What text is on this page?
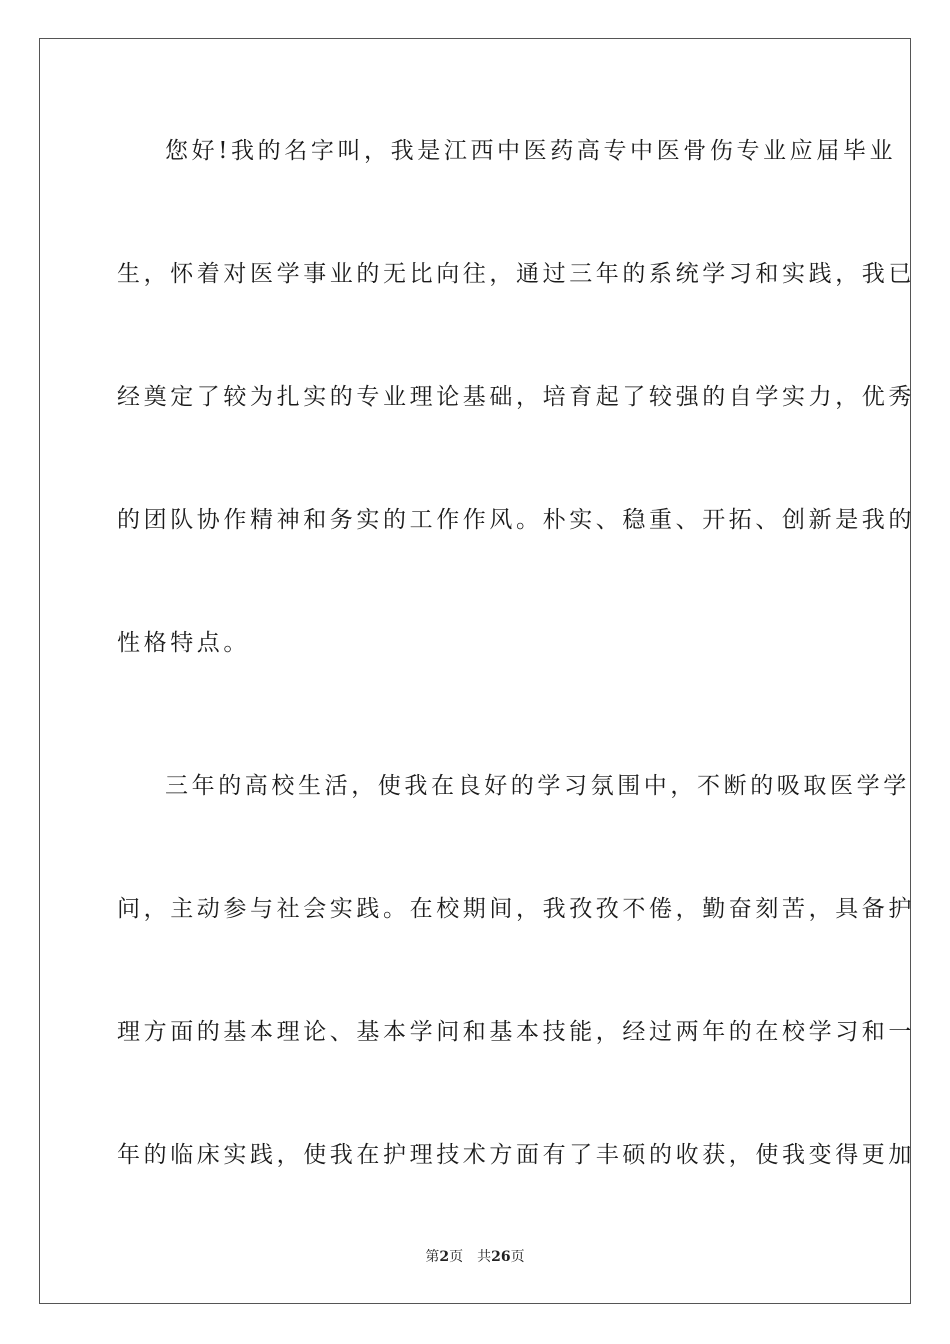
您好!我的名字叫，我是江西中医药高专中医骨伤专业应届毕业
生，怀着对医学事业的无比向往，通过三年的系统学习和实践，我已
经奠定了较为扎实的专业理论基础，培育起了较强的自学实力，优秀
的团队协作精神和务实的工作作风。朴实、稳重、开拓、创新是我的
性格特点。
三年的高校生活，使我在良好的学习氛围中，不断的吸取医学学
问，主动参与社会实践。在校期间，我孜孜不倦，勤奋刻苦，具备护
理方面的基本理论、基本学问和基本技能，经过两年的在校学习和一
年的临床实践，使我在护理技术方面有了丰硕的收获，使我变得更加
第2页 共26页
